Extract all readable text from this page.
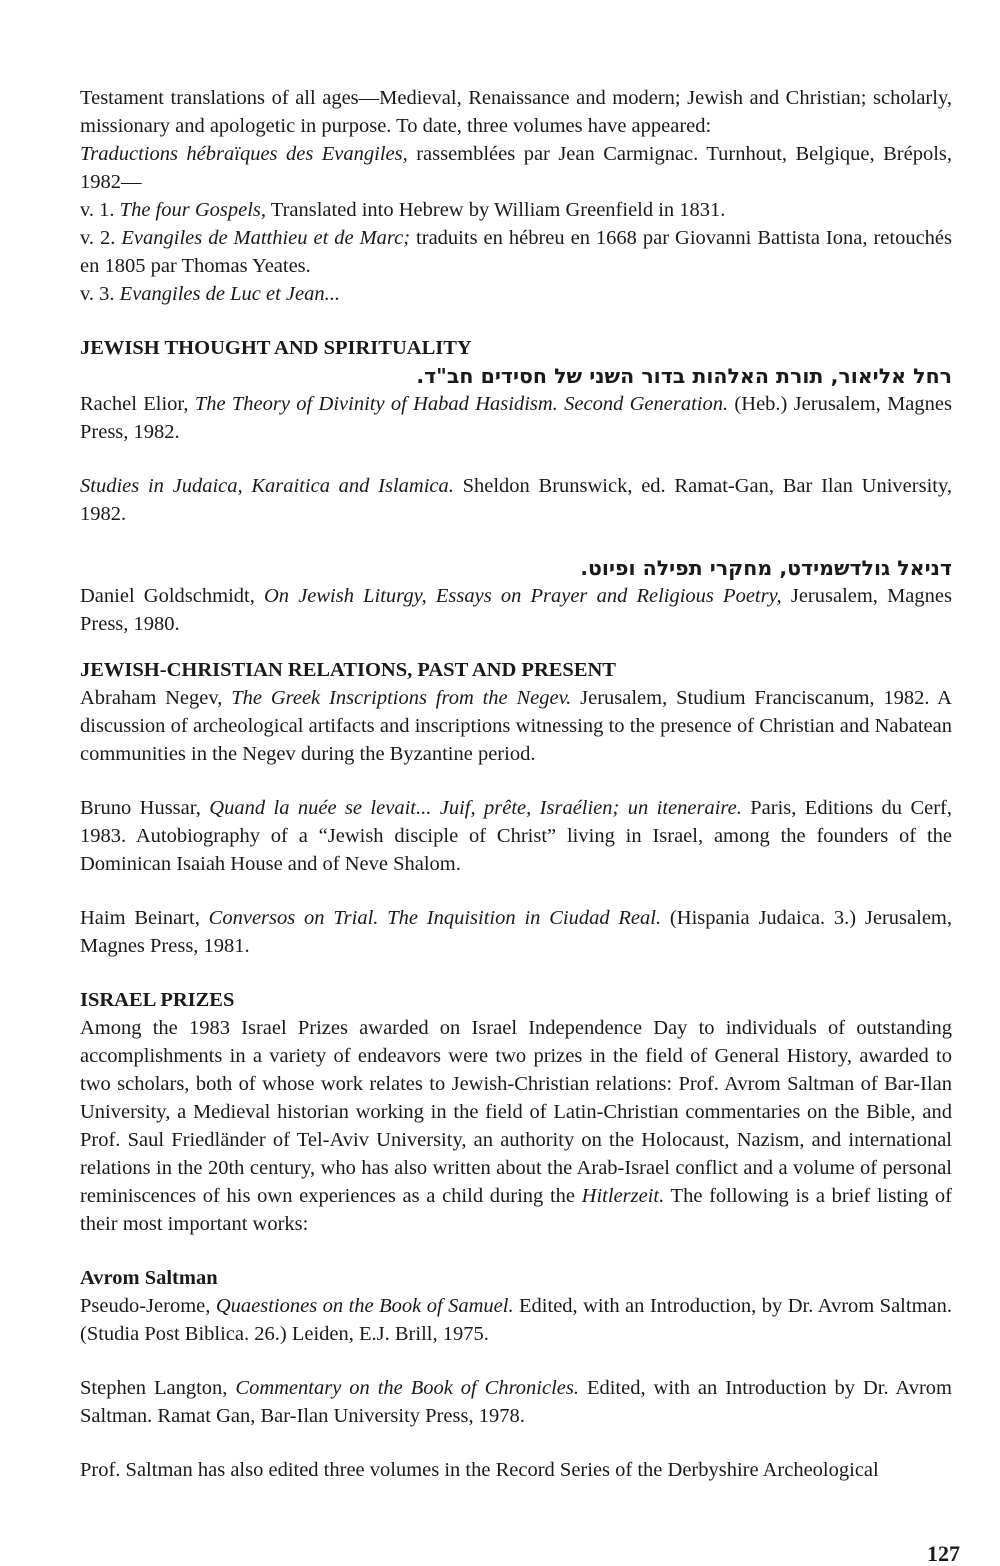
Testament translations of all ages—Medieval, Renaissance and modern; Jewish and Christian; scholarly, missionary and apologetic in purpose. To date, three volumes have appeared:
Traductions hébraïques des Evangiles, rassemblées par Jean Carmignac. Turnhout, Belgique, Brépols, 1982—

v. 1. The four Gospels, Translated into Hebrew by William Greenfield in 1831.

v. 2. Evangiles de Matthieu et de Marc; traduits en hébreu en 1668 par Giovanni Battista Iona, retouchés en 1805 par Thomas Yeates.

v. 3. Evangiles de Luc et Jean...

JEWISH THOUGHT AND SPIRITUALITY

רחל אליאור, תורת האלהות בדור השני של חסידים חב"ד.

Rachel Elior, The Theory of Divinity of Habad Hasidism. Second Generation. (Heb.) Jerusalem, Magnes Press, 1982.

Studies in Judaica, Karaitica and Islamica. Sheldon Brunswick, ed. Ramat-Gan, Bar Ilan University, 1982.

דניאל גולדשמידט, מחקרי תפילה ופיוט.

Daniel Goldschmidt, On Jewish Liturgy, Essays on Prayer and Religious Poetry, Jerusalem, Magnes Press, 1980.

JEWISH-CHRISTIAN RELATIONS, PAST AND PRESENT

Abraham Negev, The Greek Inscriptions from the Negev. Jerusalem, Studium Franciscanum, 1982. A discussion of archeological artifacts and inscriptions witnessing to the presence of Christian and Nabatean communities in the Negev during the Byzantine period.

Bruno Hussar, Quand la nuée se levait... Juif, prête, Israélien; un iteneraire. Paris, Editions du Cerf, 1983. Autobiography of a “Jewish disciple of Christ” living in Israel, among the founders of the Dominican Isaiah House and of Neve Shalom.

Haim Beinart, Conversos on Trial. The Inquisition in Ciudad Real. (Hispania Judaica. 3.) Jerusalem, Magnes Press, 1981.

ISRAEL PRIZES

Among the 1983 Israel Prizes awarded on Israel Independence Day to individuals of outstanding accomplishments in a variety of endeavors were two prizes in the field of General History, awarded to two scholars, both of whose work relates to Jewish-Christian relations: Prof. Avrom Saltman of Bar-Ilan University, a Medieval historian working in the field of Latin-Christian commentaries on the Bible, and Prof. Saul Friedländer of Tel-Aviv University, an authority on the Holocaust, Nazism, and international relations in the 20th century, who has also written about the Arab-Israel conflict and a volume of personal reminiscences of his own experiences as a child during the Hitlerzeit. The following is a brief listing of their most important works:

Avrom Saltman

Pseudo-Jerome, Quaestiones on the Book of Samuel. Edited, with an Introduction, by Dr. Avrom Saltman. (Studia Post Biblica. 26.) Leiden, E.J. Brill, 1975.

Stephen Langton, Commentary on the Book of Chronicles. Edited, with an Introduction by Dr. Avrom Saltman. Ramat Gan, Bar-Ilan University Press, 1978.

Prof. Saltman has also edited three volumes in the Record Series of the Derbyshire Archeological

127
